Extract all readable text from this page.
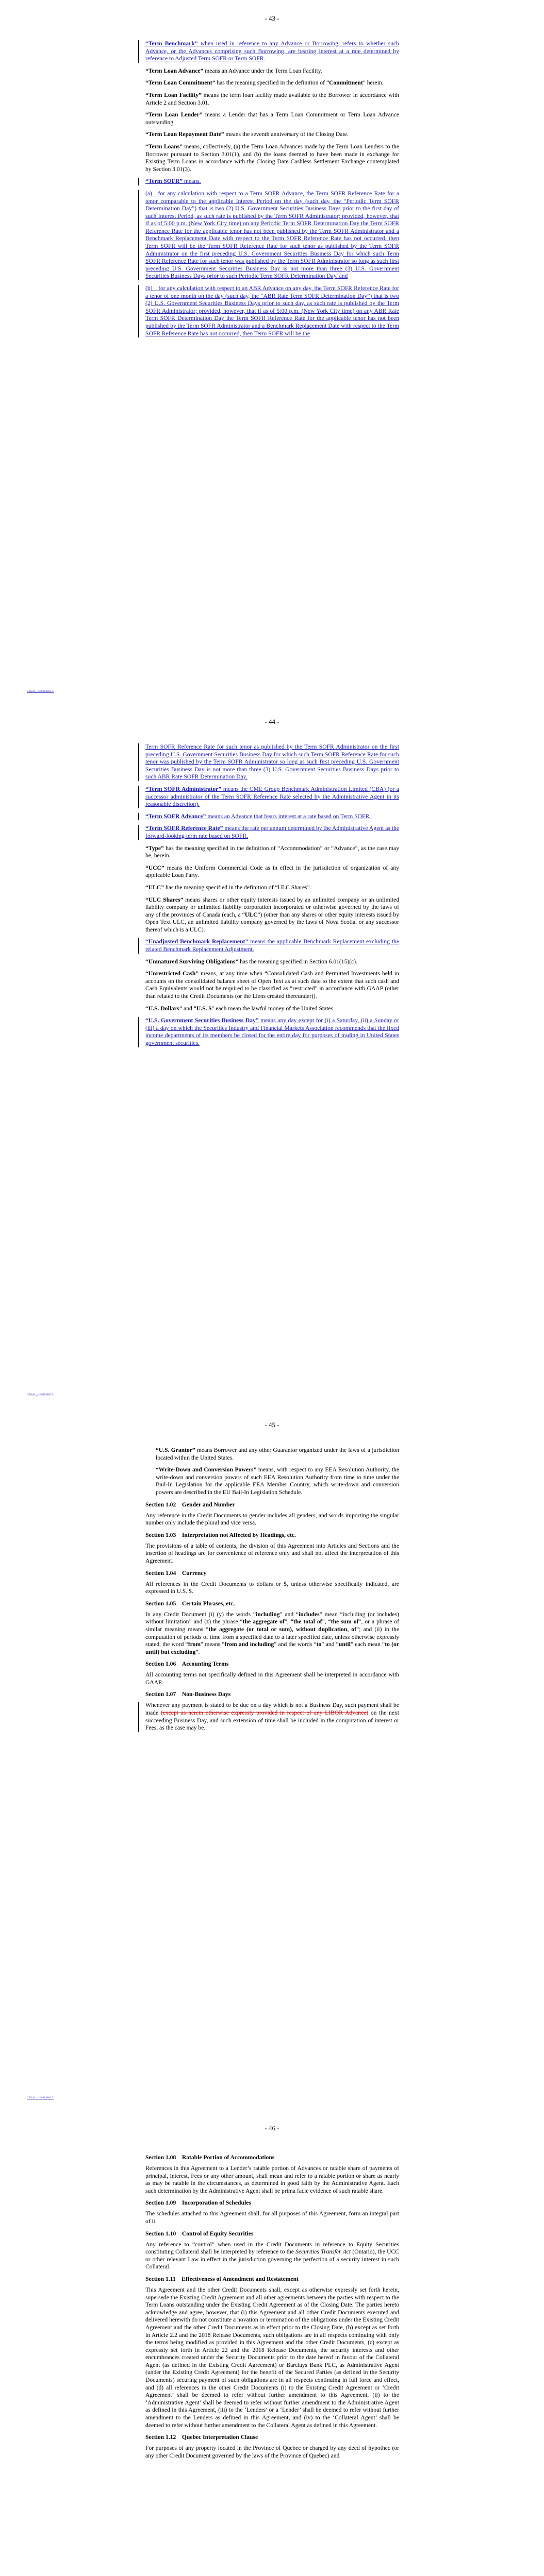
- 43 -

“Term Benchmark” when used in reference to any Advance or Borrowing, refers to whether such Advance, or the Advances comprising such Borrowing, are bearing interest at a rate determined by reference to Adjusted Term SOFR or Term SOFR.

“Term Loan Advance” means an Advance under the Term Loan Facility.

“Term Loan Commitment” has the meaning specified in the definition of “Commitment” herein.

“Term Loan Facility” means the term loan facility made available to the Borrower in accordance with Article 2 and Section 3.01.

“Term Loan Lender” means a Lender that has a Term Loan Commitment or Term Loan Advance outstanding.

“Term Loan Repayment Date” means the seventh anniversary of the Closing Date.

“Term Loans” means, collectively, (a) the Term Loan Advances made by the Term Loan Lenders to the Borrower pursuant to Section 3.01(1), and (b) the loans deemed to have been made in exchange for Existing Term Loans in accordance with the Closing Date Cashless Settlement Exchange contemplated by Section 3.01(3).

“Term SOFR” means,

(a) for any calculation with respect to a Term SOFR Advance, the Term SOFR Reference Rate for a tenor comparable to the applicable Interest Period on the day (such day, the “Periodic Term SOFR Determination Day”) that is two (2) U.S. Government Securities Business Days prior to the first day of such Interest Period, as such rate is published by the Term SOFR Administrator; provided, however, that if as of 5:00 p.m. (New York City time) on any Periodic Term SOFR Determination Day the Term SOFR Reference Rate for the applicable tenor has not been published by the Term SOFR Administrator and a Benchmark Replacement Date with respect to the Term SOFR Reference Rate has not occurred, then Term SOFR will be the Term SOFR Reference Rate for such tenor as published by the Term SOFR Administrator on the first preceding U.S. Government Securities Business Day for which such Term SOFR Reference Rate for such tenor was published by the Term SOFR Administrator so long as such first preceding U.S. Government Securities Business Day is not more than three (3) U.S. Government Securities Business Days prior to such Periodic Term SOFR Determination Day, and

(b) for any calculation with respect to an ABR Advance on any day, the Term SOFR Reference Rate for a tenor of one month on the day (such day, the “ABR Rate Term SOFR Determination Day”) that is two (2) U.S. Government Securities Business Days prior to such day, as such rate is published by the Term SOFR Administrator; provided, however, that if as of 5:00 p.m. (New York City time) on any ABR Rate Term SOFR Determination Day the Term SOFR Reference Rate for the applicable tenor has not been published by the Term SOFR Administrator and a Benchmark Replacement Date with respect to the Term SOFR Reference Rate has not occurred, then Term SOFR will be the

LEGAL_1:66904863.5
- 44 -

Term SOFR Reference Rate for such tenor as published by the Term SOFR Administrator on the first preceding U.S. Government Securities Business Day for which such Term SOFR Reference Rate for such tenor was published by the Term SOFR Administrator so long as such first preceding U.S. Government Securities Business Day is not more than three (3) U.S. Government Securities Business Days prior to such ABR Rate SOFR Determination Day.

“Term SOFR Administrator” means the CME Group Benchmark Administration Limited (CBA) (or a successor administrator of the Term SOFR Reference Rate selected by the Administrative Agent in its reasonable discretion).

“Term SOFR Advance” means an Advance that bears interest at a rate based on Term SOFR.

“Term SOFR Reference Rate” means the rate per annum determined by the Administrative Agent as the forward-looking term rate based on SOFR.

“Type” has the meaning specified in the definition of “Accommodation” or “Advance”, as the case may be, herein.

“UCC” means the Uniform Commercial Code as in effect in the jurisdiction of organization of any applicable Loan Party.

“ULC” has the meaning specified in the definition of “ULC Shares”.

“ULC Shares” means shares or other equity interests issued by an unlimited company or an unlimited liability company or unlimited liability corporation incorporated or otherwise governed by the laws of any of the provinces of Canada (each, a “ULC”) (other than any shares or other equity interests issued by Open Text ULC, an unlimited liability company governed by the laws of Nova Scotia, or any successor thereof which is a ULC).

“Unadjusted Benchmark Replacement” means the applicable Benchmark Replacement excluding the related Benchmark Replacement Adjustment.

“Unmatured Surviving Obligations” has the meaning specified in Section 6.01(15)(c).

“Unrestricted Cash” means, at any time when “Consolidated Cash and Permitted Investments held in accounts on the consolidated balance sheet of Open Text as at such date to the extent that such cash and Cash Equivalents would not be required to be classified as “restricted” in accordance with GAAP (other than related to the Credit Documents (or the Liens created thereunder)).

“U.S. Dollars” and “U.S. $” each mean the lawful money of the United States.

“U.S. Government Securities Business Day” means any day except for (i) a Saturday, (ii) a Sunday or (iii) a day on which the Securities Industry and Financial Markets Association recommends that the fixed income departments of its members be closed for the entire day for purposes of trading in United States government securities.

LEGAL_1:66904863.5
- 45 -

“U.S. Grantor” means Borrower and any other Guarantor organized under the laws of a jurisdiction located within the United States.

“Write-Down and Conversion Powers” means, with respect to any EEA Resolution Authority, the write-down and conversion powers of such EEA Resolution Authority from time to time under the Bail-In Legislation for the applicable EEA Member Country, which write-down and conversion powers are described in the EU Bail-In Legislation Schedule.

Section 1.02 Gender and Number

Any reference in the Credit Documents to gender includes all genders, and words importing the singular number only include the plural and vice versa.

Section 1.03 Interpretation not Affected by Headings, etc.

The provisions of a table of contents, the division of this Agreement into Articles and Sections and the insertion of headings are for convenience of reference only and shall not affect the interpretation of this Agreement.

Section 1.04 Currency

All references in the Credit Documents to dollars or $, unless otherwise specifically indicated, are expressed in U.S. $.

Section 1.05 Certain Phrases, etc.

In any Credit Document (i) (y) the words “including” and “includes” mean “including (or includes) without limitation” and (z) the phrase “the aggregate of”, “the total of”, “the sum of”, or a phrase of similar meaning means “the aggregate (or total or sum), without duplication, of”; and (ii) in the computation of periods of time from a specified date to a later specified date, unless otherwise expressly stated, the word “from” means “from and including” and the words “to” and “until” each mean “to (or until) but excluding”.

Section 1.06 Accounting Terms

All accounting terms not specifically defined in this Agreement shall be interpreted in accordance with GAAP.

Section 1.07 Non-Business Days

Whenever any payment is stated to be due on a day which is not a Business Day, such payment shall be made (except as herein otherwise expressly provided in respect of any LIBOR Advance) on the next succeeding Business Day, and such extension of time shall be included in the computation of interest or Fees, as the case may be.

LEGAL_1:66904863.5
- 46 -
Section 1.08 Ratable Portion of Accommodations

References in this Agreement to a Lender’s ratable portion of Advances or ratable share of payments of principal, interest, Fees or any other amount, shall mean and refer to a ratable portion or share as nearly as may be ratable in the circumstances, as determined in good faith by the Administrative Agent. Each such determination by the Administrative Agent shall be prima facie evidence of such ratable share.

Section 1.09 Incorporation of Schedules

The schedules attached to this Agreement shall, for all purposes of this Agreement, form an integral part of it.

Section 1.10 Control of Equity Securities

Any reference to “control” when used in the Credit Documents in reference to Equity Securities constituting Collateral shall be interpreted by reference to the Securities Transfer Act (Ontario), the UCC or other relevant Law in effect in the jurisdiction governing the perfection of a security interest in such Collateral.

Section 1.11 Effectiveness of Amendment and Restatement

This Agreement and the other Credit Documents shall, except as otherwise expressly set forth herein, supersede the Existing Credit Agreement and all other agreements between the parties with respect to the Term Loans outstanding under the Existing Credit Agreement as of the Closing Date. The parties hereto acknowledge and agree, however, that (i) this Agreement and all other Credit Documents executed and delivered herewith do not constitute a novation or termination of the obligations under the Existing Credit Agreement and the other Credit Documents as in effect prior to the Closing Date, (b) except as set forth in Article 2.2 and the 2018 Release Documents, such obligations are in all respects continuing with only the terms being modified as provided in this Agreement and the other Credit Documents, (c) except as expressly set forth in Article 22 and the 2018 Release Documents, the security interests and other encumbrances created under the Security Documents prior to the date hereof in favour of the Collateral Agent (as defined in the Existing Credit Agreement) or Barclays Bank PLC, as Administrative Agent (under the Existing Credit Agreement) for the benefit of the Secured Parties (as defined in the Security Documents) securing payment of such obligations are in all respects continuing in full force and effect, and (d) all references in the other Credit Documents (i) to the Existing Credit Agreement or ‘Credit Agreement’ shall be deemed to refer without further amendment to this Agreement, (ii) to the ‘Administrative Agent’ shall be deemed to refer without further amendment to the Administrative Agent as defined in this Agreement, (iii) to the ‘Lenders’ or a ‘Lender’ shall be deemed to refer without further amendment to the Lenders as defined in this Agreement, and (iv) to the ‘Collateral Agent’ shall be deemed to refer without further amendment to the Collateral Agent as defined in this Agreement.

Section 1.12 Quebec Interpretation Clause

For purposes of any property located in the Province of Quebec or charged by any deed of hypothec (or any other Credit Document governed by the laws of the Province of Quebec) and
